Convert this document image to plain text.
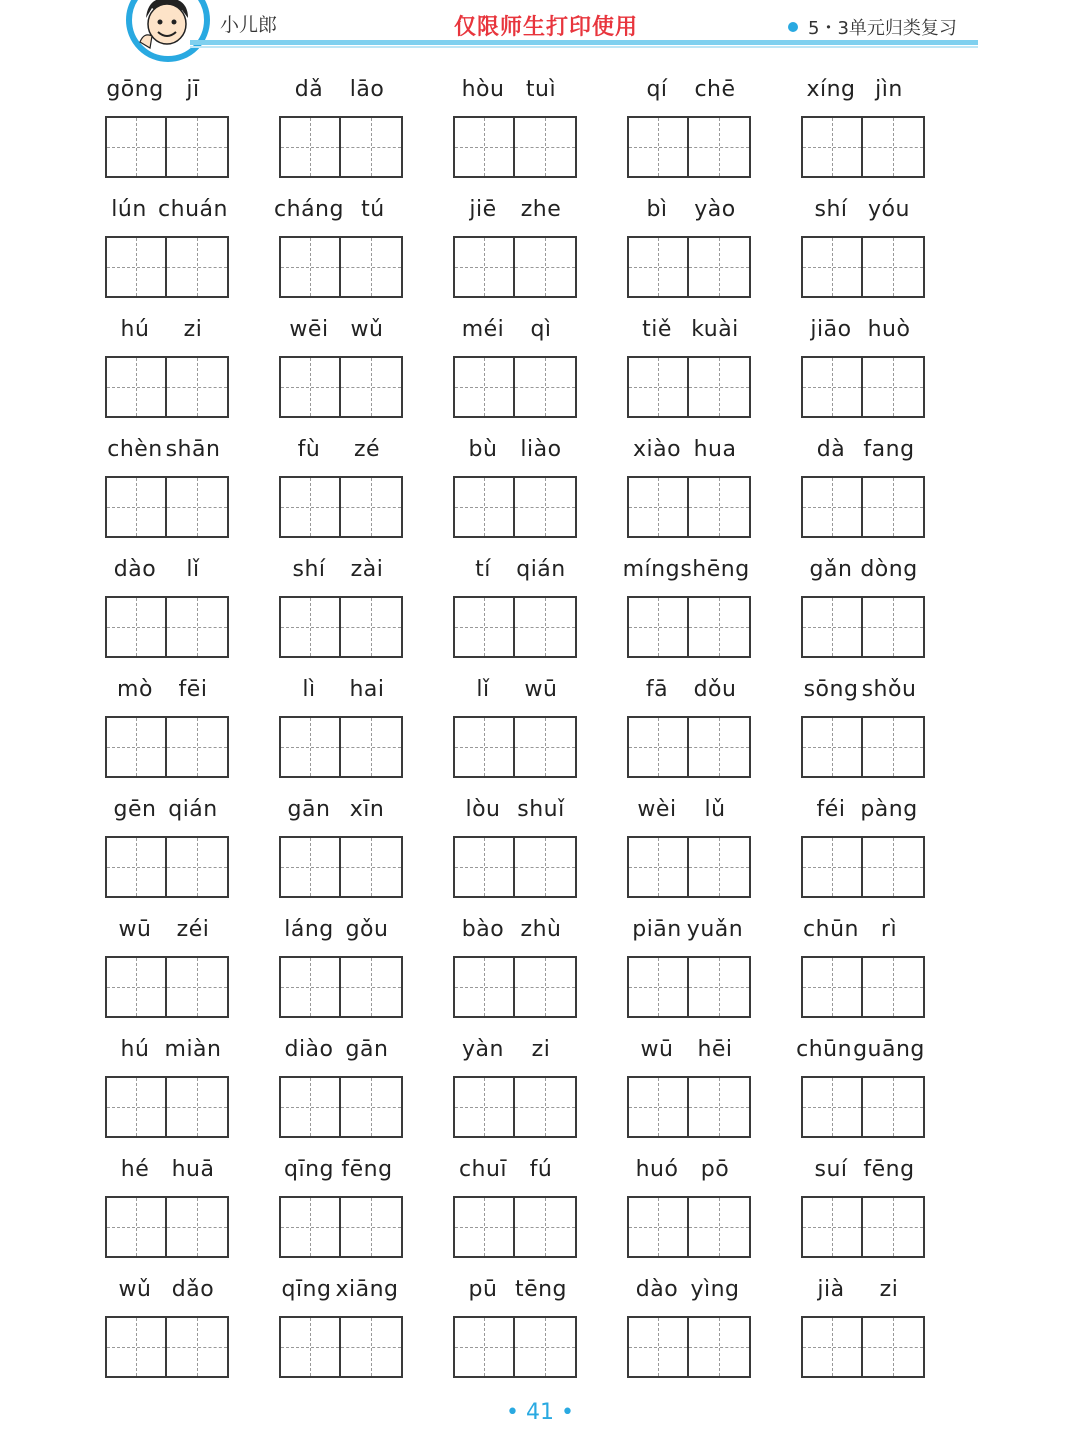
小儿郎	仅限师生打印使用	5・3单元归类复习
gōng	jī	dǎ	lāo	hòu tuì	qí	chē	xíng jìn
lún chuán cháng tú	jiē	zhe	bì	yào	shí yóu
hú	zi	wēi wǔ	méi	qì	tiě kuài	jiāo huò
chèn shān	fù	zé	bù	liào	xiào hua	dà fang
dào	lǐ	shí	zài	tí	qián	míng shēng	gǎn dòng
mò	fēi	lì	hai	lǐ	wū	fā	dǒu	sōng shǒu
gēn qián	gān xīn	lòu shuǐ	wèi	lǔ	féi pàng
wū	zéi	láng gǒu	bào zhù	piān yuǎn	chūn rì
hú miàn	diào gān	yàn	zi	wū	hēi	chūn guāng
hé	huā	qīng fēng	chuī	fú	huó	pō	suí fēng
wǔ dǎo	qīng xiāng	pū tēng	dào yìng	jià	zi
• 41 •
